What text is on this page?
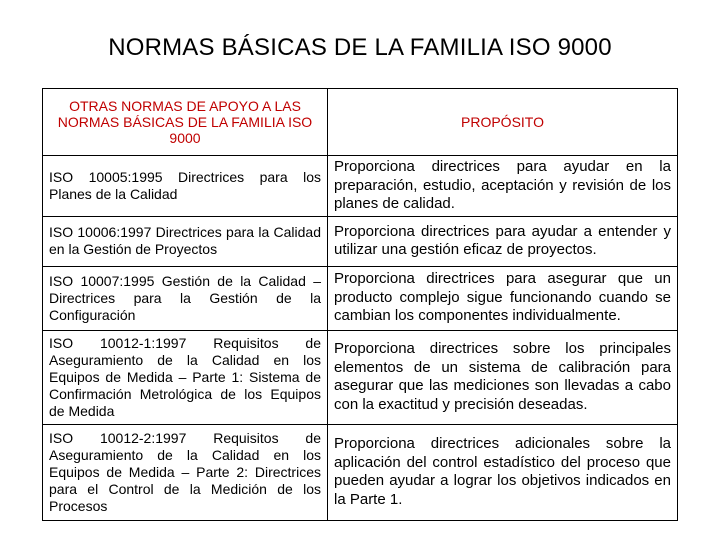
NORMAS BÁSICAS DE LA FAMILIA ISO 9000
OTRAS NORMAS DE APOYO A LAS NORMAS BÁSICAS DE LA FAMILIA ISO 9000	PROPÓSITO
ISO 10005:1995 Directrices para los Planes de la Calidad	Proporciona directrices para ayudar en la preparación, estudio, aceptación y revisión de los planes de calidad.
ISO 10006:1997 Directrices para la Calidad en la Gestión de Proyectos	Proporciona directrices para ayudar a entender y utilizar una gestión eficaz de proyectos.
ISO 10007:1995 Gestión de la Calidad – Directrices para la Gestión de la Configuración	Proporciona directrices para asegurar que un producto complejo sigue funcionando cuando se cambian los componentes individualmente.
ISO 10012-1:1997 Requisitos de Aseguramiento de la Calidad en los Equipos de Medida – Parte 1: Sistema de Confirmación Metrológica de los Equipos de Medida	Proporciona directrices sobre los principales elementos de un sistema de calibración para asegurar que las mediciones son llevadas a cabo con la exactitud y precisión deseadas.
ISO 10012-2:1997 Requisitos de Aseguramiento de la Calidad en los Equipos de Medida – Parte 2: Directrices para el Control de la Medición de los Procesos	Proporciona directrices adicionales sobre la aplicación del control estadístico del proceso que pueden ayudar a lograr los objetivos indicados en la Parte 1.
